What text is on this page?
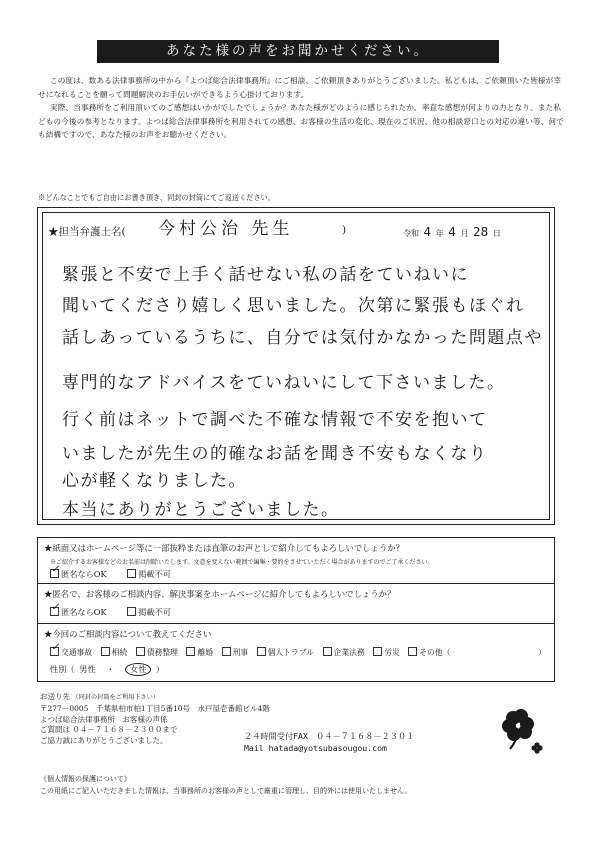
あなた様の声をお聞かせください。

この度は、数ある法律事務所の中から『よつば総合法律事務所』にご相談、ご依頼頂きありがとうございました。私どもは、ご依頼頂いた皆様が幸せになれることを願って問題解決のお手伝いができるよう心掛けております。

実際、当事務所をご利用頂いてのご感想はいかがでしたでしょうか？あなた様がどのように感じられたか、率直な感想が何よりの力となり、また私どもの今後の参考となります。よつば総合法律事務所を利用されての感想、お客様の生活の変化、現在のご状況、他の相談窓口との対応の違い等、何でも結構ですので、あなた様のお声をお聴かせください。

※どんなことでもご自由にお書き頂き、同封の封筒にてご返送ください。
★担当弁護士名( 今村公治 先生	)	令和 4 年 4 月 28 日
緊張と不安で上手く話せない私の話をていねいに
聞いてくださり嬉しく思いました。次第に緊張もほぐれ
話しあっているうちに、自分では気付かなかった問題点や
専門的なアドバイスをていねいにして下さいました。
行く前はネットで調べた不確な情報で不安を抱いて
いましたが先生の的確なお話を聞き不安もなくなり
心が軽くなりました。
本当にありがとうございました。
★紙面又はホームページ等に一部抜粋または直筆のお声として紹介してもよろしいでしょうか？
※ご紹介するお客様などのお名前は削除いたします。文意を変えない範囲で編集・要約をさせていただく場合がありますのでご了承ください。
✓匿名ならOK	掲載不可
★匿名で、お客様のご相談内容、解決事案をホームページに紹介してもよろしいでしょうか？
✓匿名ならOK	掲載不可
★今回のご相談内容について教えてください
✓交通事故 相続 債務整理 離婚 刑事 個人トラブル 企業法務 労災 その他（	）
性別（ 男性 ・ 女性 ）
お送り先 （同封の封筒をご利用下さい）
〒277－0005　千葉県柏市柏1丁目5番10号　水戸屋壱番館ビル4階
よつば総合法律事務所　お客様の声係
ご質問は ０４－７１６８－２３００まで
ご協力誠にありがとうございました。	２４時間受付FAX　０４－７１６８－２３０１
Mail hatada@yotsubasougou.com
《個人情報の保護について》
この用紙にご記入いただきました情報は、当事務所のお客様の声として厳重に管理し、目的外には使用いたしません。
